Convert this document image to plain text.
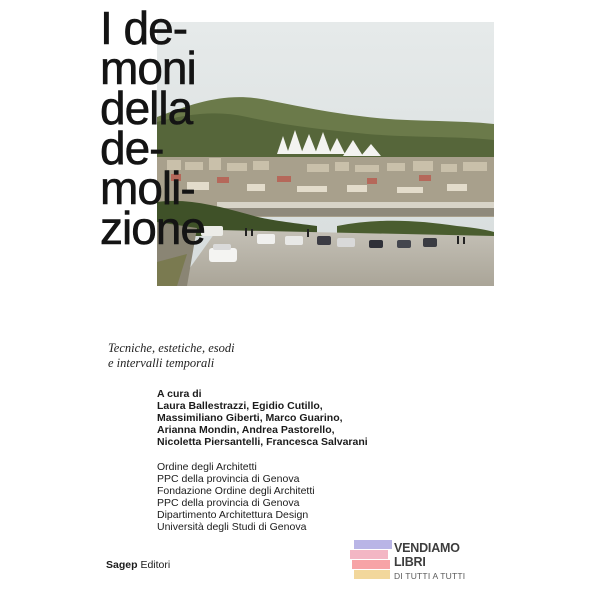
I de-
moni
della
de-
moli-
zione
Tecniche, estetiche, esodi
e intervalli temporali
A cura di
Laura Ballestrazzi, Egidio Cutillo,
Massimiliano Giberti, Marco Guarino,
Arianna Mondin, Andrea Pastorello,
Nicoletta Piersantelli, Francesca Salvarani
Ordine degli Architetti
PPC della provincia di Genova
Fondazione Ordine degli Architetti
PPC della provincia di Genova
Dipartimento Architettura Design
Università degli Studi di Genova
Sagep Editori
VENDIAMO
LIBRI
DI TUTTI A TUTTI
